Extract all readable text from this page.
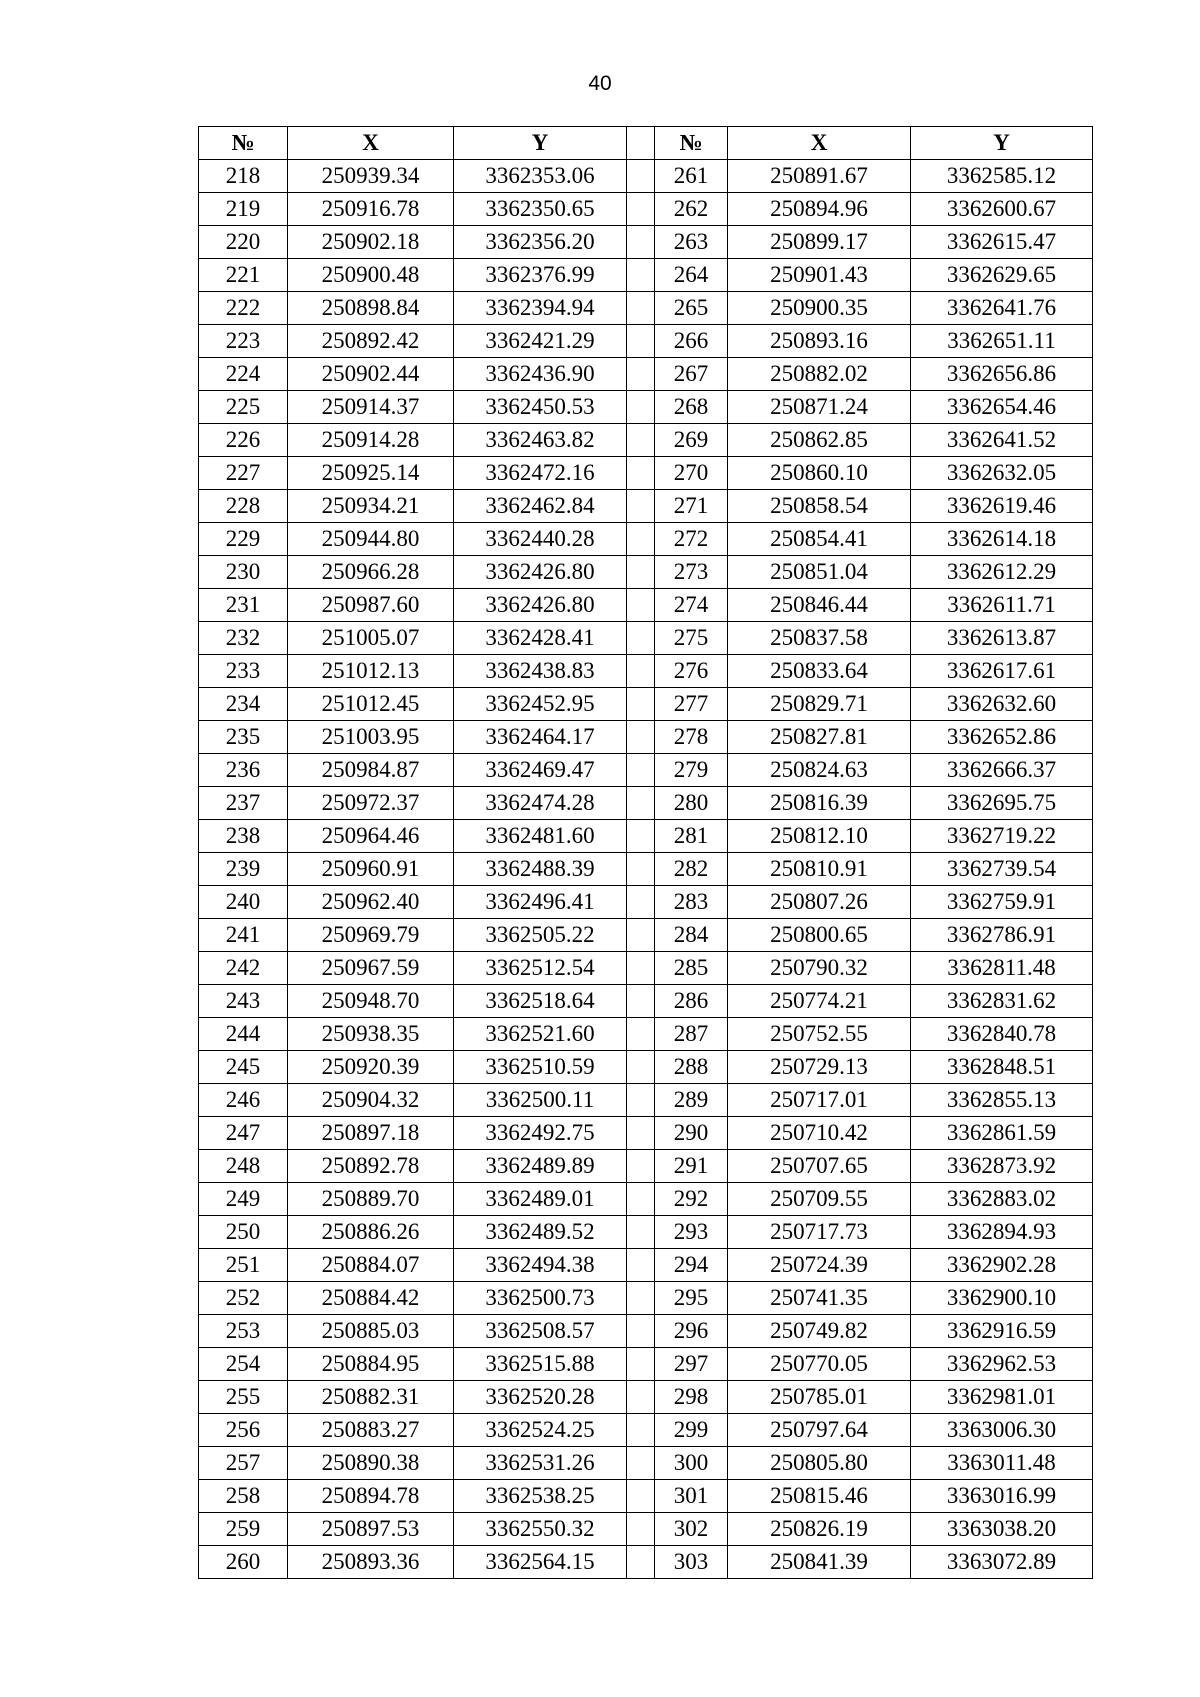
40
№	X	Y		№	X	Y
218	250939.34	3362353.06		261	250891.67	3362585.12
219	250916.78	3362350.65		262	250894.96	3362600.67
220	250902.18	3362356.20		263	250899.17	3362615.47
221	250900.48	3362376.99		264	250901.43	3362629.65
222	250898.84	3362394.94		265	250900.35	3362641.76
223	250892.42	3362421.29		266	250893.16	3362651.11
224	250902.44	3362436.90		267	250882.02	3362656.86
225	250914.37	3362450.53		268	250871.24	3362654.46
226	250914.28	3362463.82		269	250862.85	3362641.52
227	250925.14	3362472.16		270	250860.10	3362632.05
228	250934.21	3362462.84		271	250858.54	3362619.46
229	250944.80	3362440.28		272	250854.41	3362614.18
230	250966.28	3362426.80		273	250851.04	3362612.29
231	250987.60	3362426.80		274	250846.44	3362611.71
232	251005.07	3362428.41		275	250837.58	3362613.87
233	251012.13	3362438.83		276	250833.64	3362617.61
234	251012.45	3362452.95		277	250829.71	3362632.60
235	251003.95	3362464.17		278	250827.81	3362652.86
236	250984.87	3362469.47		279	250824.63	3362666.37
237	250972.37	3362474.28		280	250816.39	3362695.75
238	250964.46	3362481.60		281	250812.10	3362719.22
239	250960.91	3362488.39		282	250810.91	3362739.54
240	250962.40	3362496.41		283	250807.26	3362759.91
241	250969.79	3362505.22		284	250800.65	3362786.91
242	250967.59	3362512.54		285	250790.32	3362811.48
243	250948.70	3362518.64		286	250774.21	3362831.62
244	250938.35	3362521.60		287	250752.55	3362840.78
245	250920.39	3362510.59		288	250729.13	3362848.51
246	250904.32	3362500.11		289	250717.01	3362855.13
247	250897.18	3362492.75		290	250710.42	3362861.59
248	250892.78	3362489.89		291	250707.65	3362873.92
249	250889.70	3362489.01		292	250709.55	3362883.02
250	250886.26	3362489.52		293	250717.73	3362894.93
251	250884.07	3362494.38		294	250724.39	3362902.28
252	250884.42	3362500.73		295	250741.35	3362900.10
253	250885.03	3362508.57		296	250749.82	3362916.59
254	250884.95	3362515.88		297	250770.05	3362962.53
255	250882.31	3362520.28		298	250785.01	3362981.01
256	250883.27	3362524.25		299	250797.64	3363006.30
257	250890.38	3362531.26		300	250805.80	3363011.48
258	250894.78	3362538.25		301	250815.46	3363016.99
259	250897.53	3362550.32		302	250826.19	3363038.20
260	250893.36	3362564.15		303	250841.39	3363072.89
